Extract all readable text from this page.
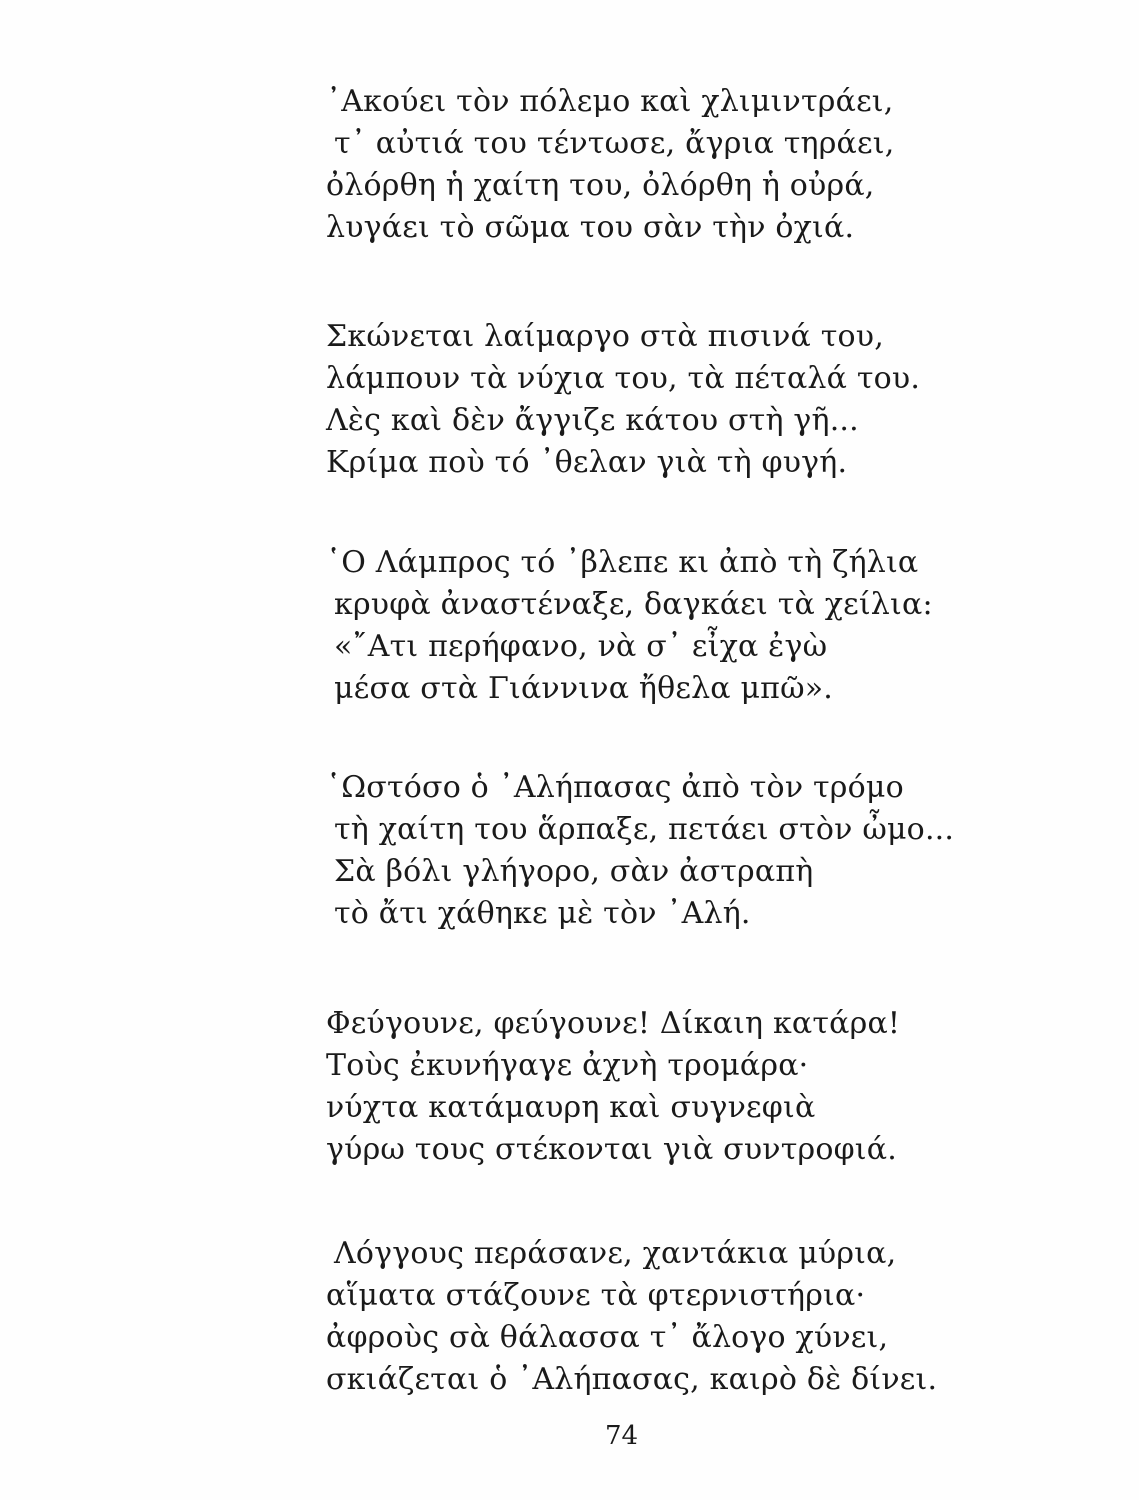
᾽Ακούει τὸν πόλεμο καὶ χλιμιντράει,
τ᾽ αὐτιά του τέντωσε, ἄγρια τηράει,
ὀλόρθη ἡ χαίτη του, ὀλόρθη ἡ οὐρά,
λυγάει τὸ σῶμα του σὰν τὴν ὀχιά.
Σκώνεται λαίμαργο στὰ πισινά του,
λάμπουν τὰ νύχια του, τὰ πέταλά του.
Λὲς καὶ δὲν ἄγγιζε κάτου στὴ γῆ...
Κρίμα ποὺ τό ᾽θελαν γιὰ τὴ φυγή.
῾Ο Λάμπρος τό ᾽βλεπε κι ἀπὸ τὴ ζήλια
κρυφὰ ἀναστέναξε, δαγκάει τὰ χείλια:
«῎Ατι περήφανο, νὰ σ᾽ εἶχα ἐγὼ
μέσα στὰ Γιάννινα ἤθελα μπῶ».
῾Ωστόσο ὁ ᾽Αλήπασας ἀπὸ τὸν τρόμο
τὴ χαίτη του ἅρπαξε, πετάει στὸν ὦμο...
Σὰ βόλι γλήγορο, σὰν ἀστραπὴ
τὸ ἄτι χάθηκε μὲ τὸν ᾽Αλή.
Φεύγουνε, φεύγουνε! Δίκαιη κατάρα!
Τοὺς ἐκυνήγαγε ἀχνὴ τρομάρα·
νύχτα κατάμαυρη καὶ συγνεφιὰ
γύρω τους στέκονται γιὰ συντροφιά.
Λόγγους περάσανε, χαντάκια μύρια,
αἵματα στάζουνε τὰ φτερνιστήρια·
ἀφροὺς σὰ θάλασσα τ᾽ ἄλογο χύνει,
σκιάζεται ὁ ᾽Αλήπασας, καιρὸ δὲ δίνει.
74
